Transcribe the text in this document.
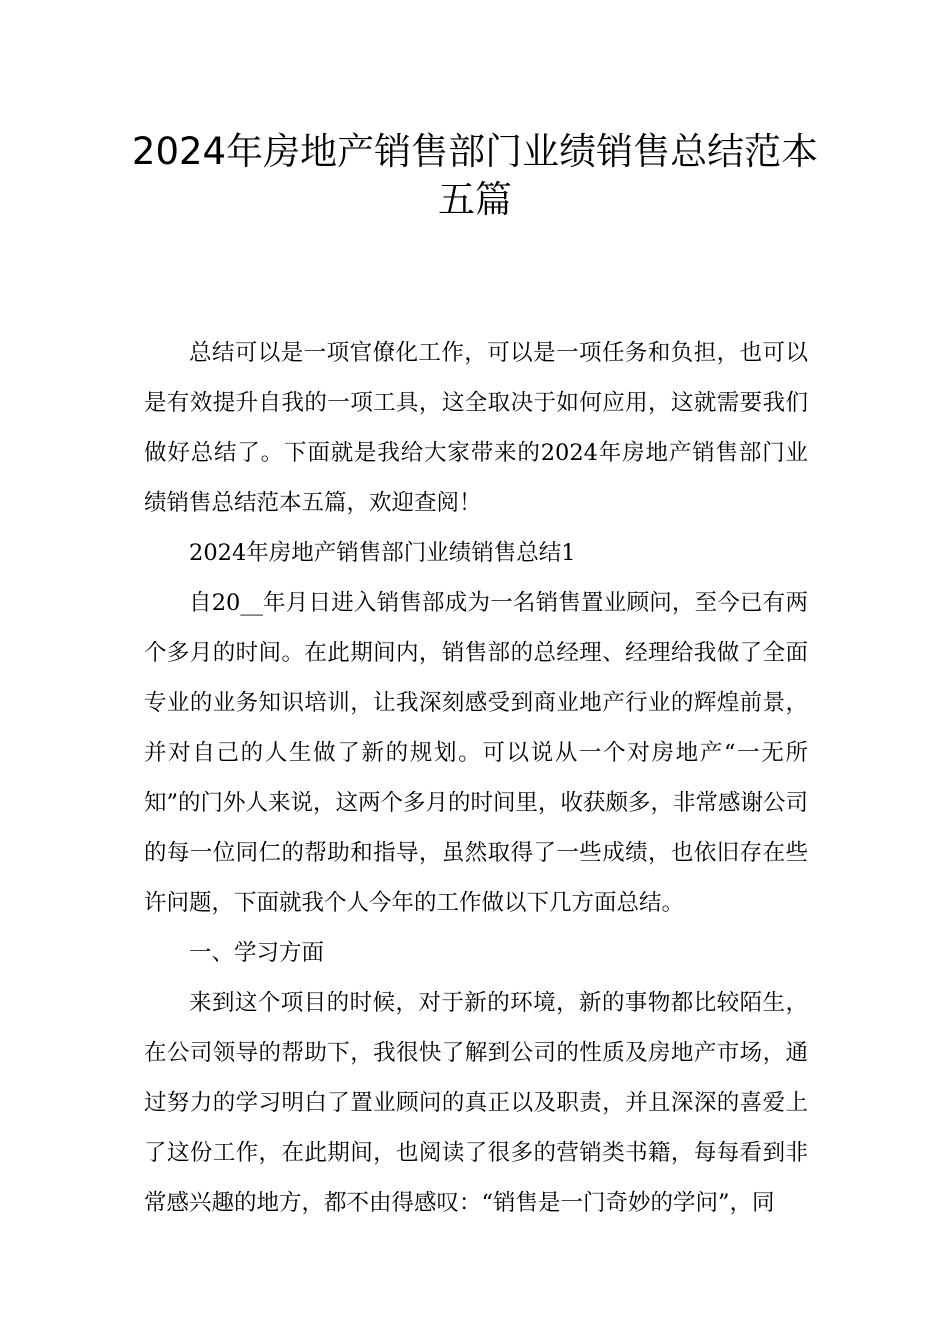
2024年房地产销售部门业绩销售总结范本五篇

总结可以是一项官僚化工作，可以是一项任务和负担，也可以是有效提升自我的一项工具，这全取决于如何应用，这就需要我们做好总结了。下面就是我给大家带来的2024年房地产销售部门业绩销售总结范本五篇，欢迎查阅！

2024年房地产销售部门业绩销售总结1

自20__年月日进入销售部成为一名销售置业顾问，至今已有两个多月的时间。在此期间内，销售部的总经理、经理给我做了全面专业的业务知识培训，让我深刻感受到商业地产行业的辉煌前景，并对自己的人生做了新的规划。可以说从一个对房地产“一无所知”的门外人来说，这两个多月的时间里，收获颇多，非常感谢公司的每一位同仁的帮助和指导，虽然取得了一些成绩，也依旧存在些许问题，下面就我个人今年的工作做以下几方面总结。

一、学习方面

来到这个项目的时候，对于新的环境，新的事物都比较陌生，在公司领导的帮助下，我很快了解到公司的性质及房地产市场，通过努力的学习明白了置业顾问的真正以及职责，并且深深的喜爱上了这份工作，在此期间，也阅读了很多的营销类书籍，每每看到非常感兴趣的地方，都不由得感叹：“销售是一门奇妙的学问”，同
